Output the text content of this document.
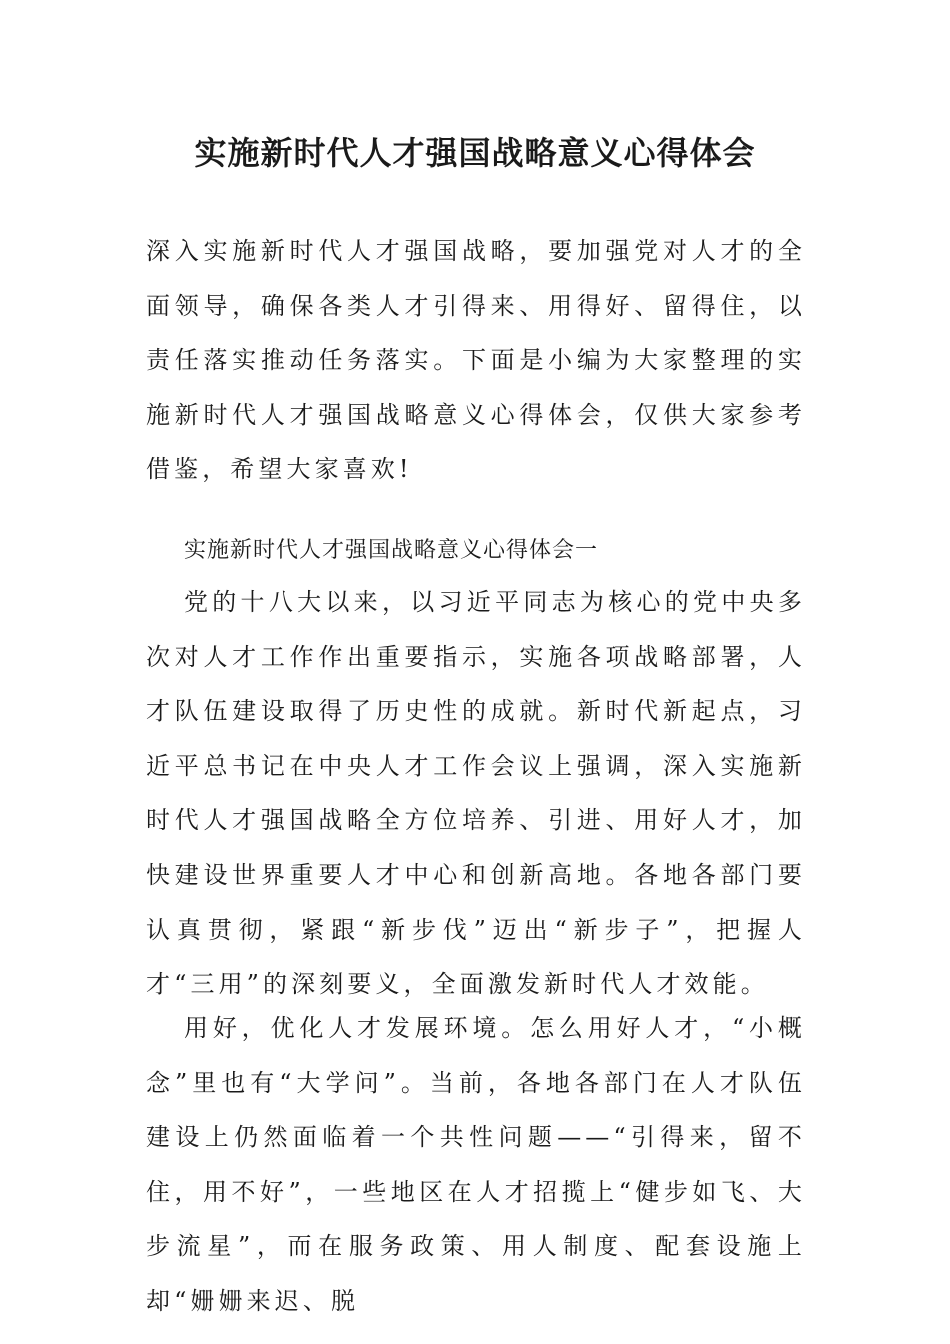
实施新时代人才强国战略意义心得体会

深入实施新时代人才强国战略，要加强党对人才的全面领导，确保各类人才引得来、用得好、留得住，以责任落实推动任务落实。下面是小编为大家整理的实施新时代人才强国战略意义心得体会，仅供大家参考借鉴，希望大家喜欢!

实施新时代人才强国战略意义心得体会一

党的十八大以来，以习近平同志为核心的党中央多次对人才工作作出重要指示，实施各项战略部署，人才队伍建设取得了历史性的成就。新时代新起点，习近平总书记在中央人才工作会议上强调，深入实施新时代人才强国战略全方位培养、引进、用好人才，加快建设世界重要人才中心和创新高地。各地各部门要认真贯彻，紧跟“新步伐”迈出“新步子”，把握人才“三用”的深刻要义，全面激发新时代人才效能。

用好，优化人才发展环境。怎么用好人才，“小概念”里也有“大学问”。当前，各地各部门在人才队伍建设上仍然面临着一个共性问题——“引得来，留不住，用不好”，一些地区在人才招揽上“健步如飞、大步流星”，而在服务政策、用人制度、配套设施上却“姗姗来迟、脱
